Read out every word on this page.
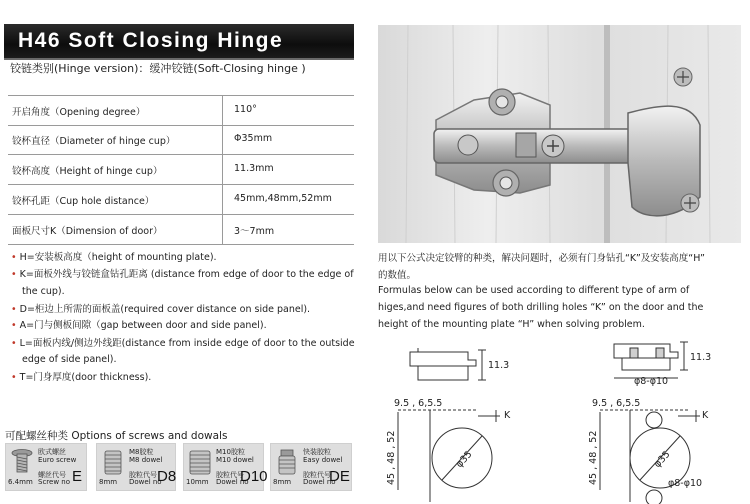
H46 Soft Closing Hinge
铰链类别(Hinge version)：缓冲铰链(Soft-Closing hinge )
开启角度（Opening degree）	110°
铰杯直径（Diameter of hinge cup）	Φ35mm
铰杯高度（Height of hinge cup）	11.3mm
铰杯孔距（Cup hole distance）	45mm,48mm,52mm
面板尺寸K（Dimension of door）	3～7mm
• H=安装板高度（height of mounting plate).
• K=面板外线与铰链盒钻孔距离 (distance from edge of door to the edge of
the cup).
• D=柜边上所需的面板盖(required cover distance on side panel).
• A=门与侧板间隙（gap between door and side panel).
• L=面板内线/侧边外线距(distance from inside edge of door to the outside
edge of side panel).
• T=门身厚度(door thickness).
可配螺丝种类 Options of screws and dowals
6.4mm
欧式螺丝
Euro screw
螺丝代号
Screw no E 8mm
M8胶粒
M8 dowel
胶粒代号
Dowel no
D8 10mm
M10胶粒
M10 dowel
胶粒代号
Dowel no
D10 8mm
快装胶粒
Easy dowel
胶粒代号
Dowel no
DE
用以下公式决定铰臂的种类，解决问题时，必须有门身钻孔“K”及安装高度“H”
的数值。
Formulas below can be used according to different type of arm of
higes,and need figures of both drilling holes “K” on the door and the
height of the mounting plate “H” when solving problem.
11.3
11.3
φ8-φ10
9.5 , 6,5.5	9.5 , 6,5.5
K	K
45 , 48 , 52	45 , 48 , 52
φ35	φ35
φ8-φ10
